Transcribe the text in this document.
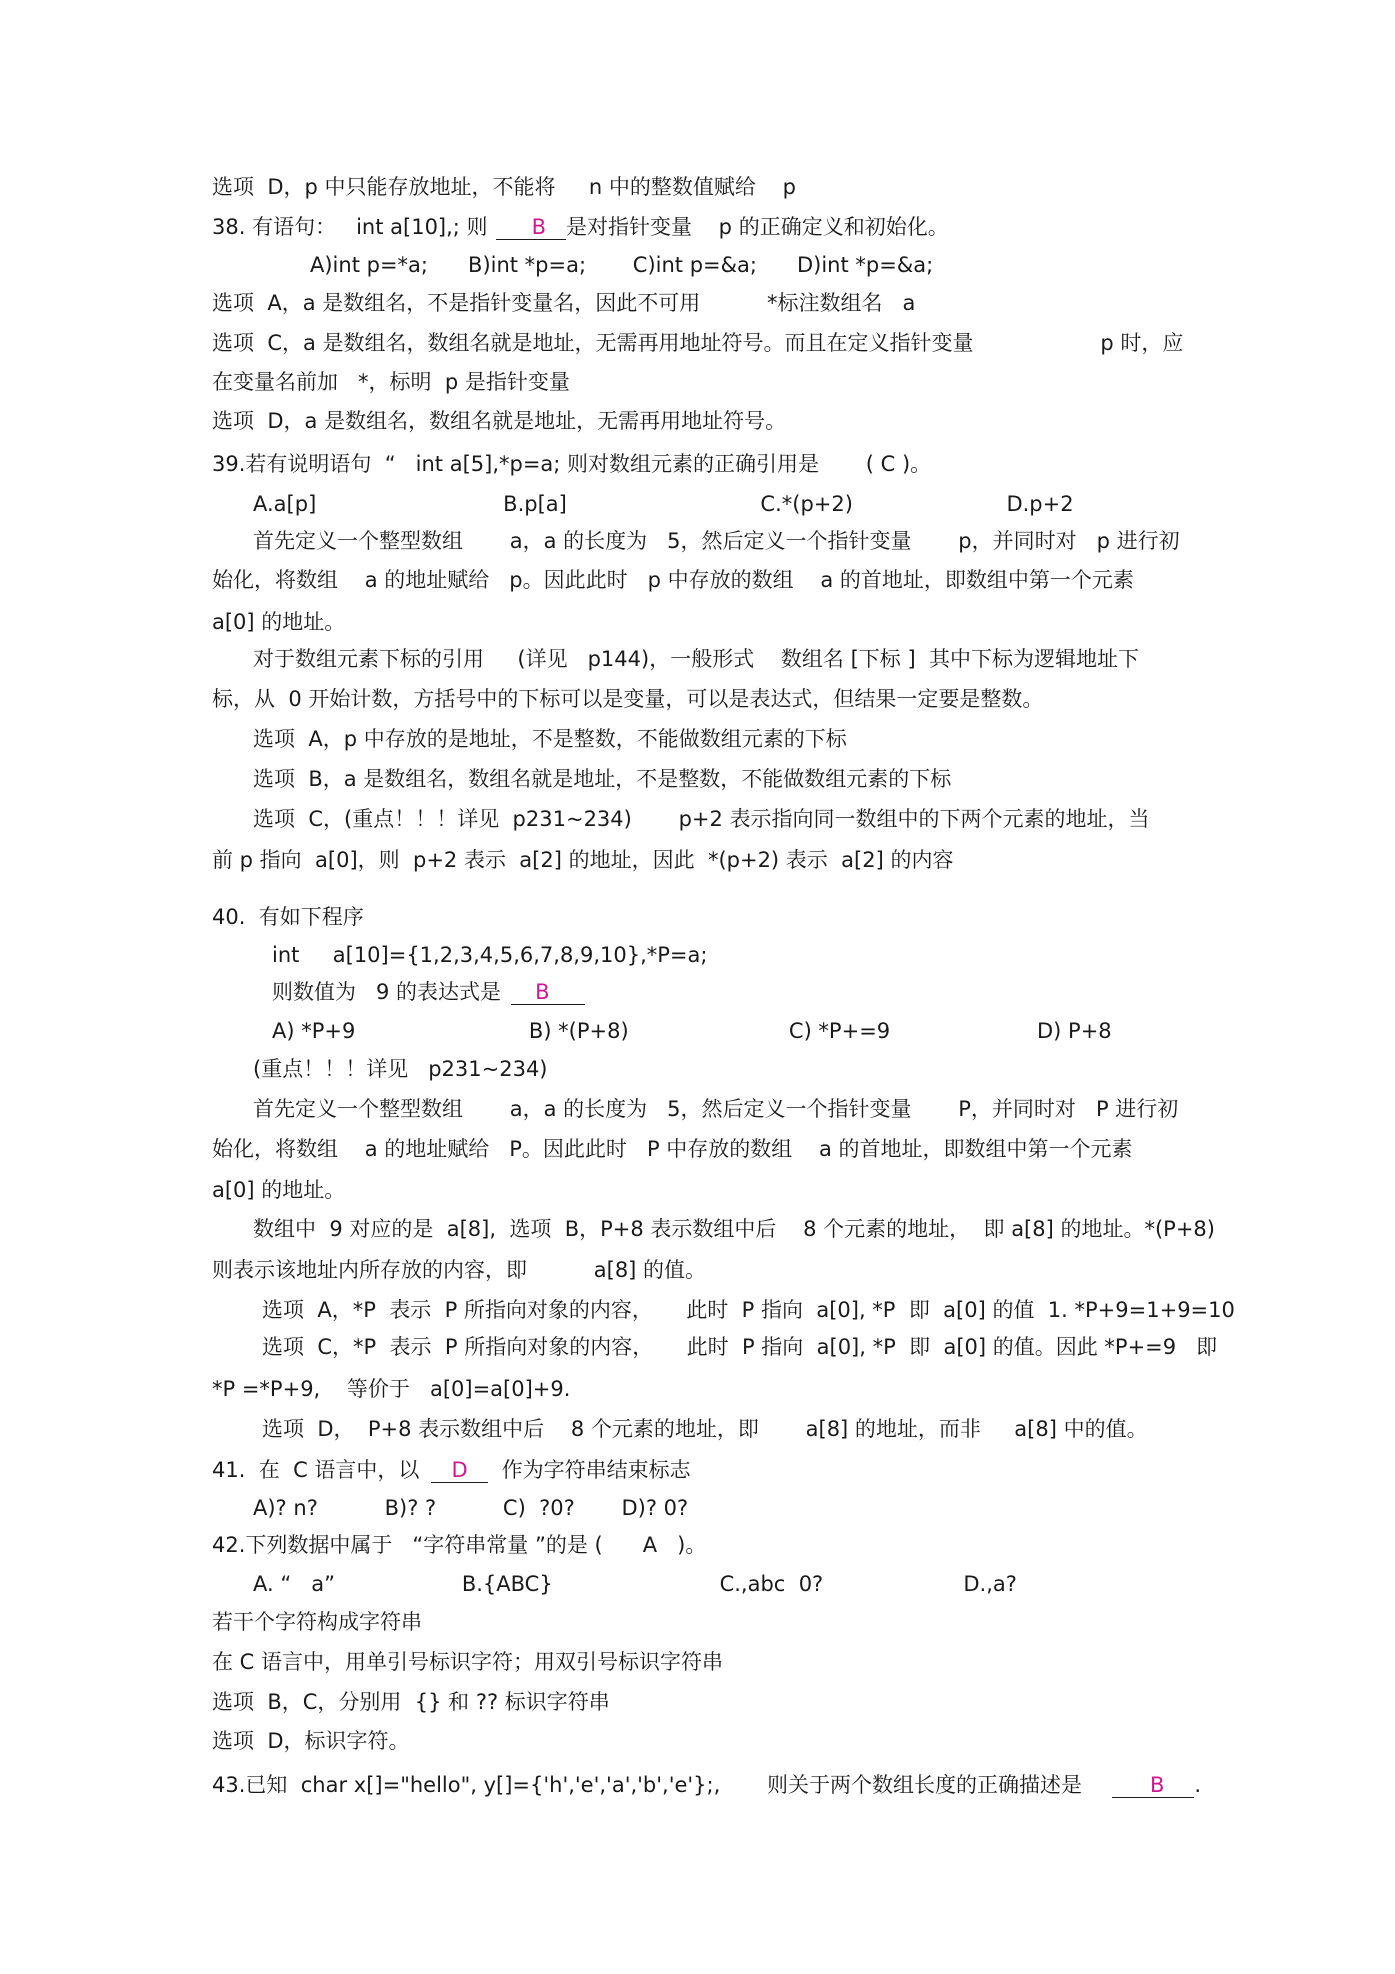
选项  D，p 中只能存放地址，不能将     n 中的整数值赋给    p
38. 有语句：   int a[10],; 则 B 是对指针变量    p 的正确定义和初始化。
A)int p=*a;      B)int *p=a;       C)int p=&a;      D)int *p=&a;
选项  A，a 是数组名，不是指针变量名，因此不可用          *标注数组名   a
选项  C，a 是数组名，数组名就是地址，无需再用地址符号。而且在定义指针变量                   p 时，应
在变量名前加   *，标明  p 是指针变量
选项  D，a 是数组名，数组名就是地址，无需再用地址符号。
39.若有说明语句  “   int a[5],*p=a; 则对数组元素的正确引用是       ( C )。
A.a[p]                            B.p[a]                             C.*(p+2)                       D.p+2
首先定义一个整型数组       a，a 的长度为   5，然后定义一个指针变量       p，并同时对   p 进行初
始化，将数组    a 的地址赋给   p。因此此时   p 中存放的数组    a 的首地址，即数组中第一个元素
a[0] 的地址。
对于数组元素下标的引用     (详见   p144)，一般形式    数组名 [下标 ]  其中下标为逻辑地址下
标，从  0 开始计数，方括号中的下标可以是变量，可以是表达式，但结果一定要是整数。
选项  A，p 中存放的是地址，不是整数，不能做数组元素的下标
选项  B，a 是数组名，数组名就是地址，不是整数，不能做数组元素的下标
选项  C，(重点！！！详见  p231~234)       p+2 表示指向同一数组中的下两个元素的地址，当
前 p 指向  a[0]，则  p+2 表示  a[2] 的地址，因此  *(p+2) 表示  a[2] 的内容
40.  有如下程序
int     a[10]={1,2,3,4,5,6,7,8,9,10},*P=a;
则数值为   9 的表达式是 B
A) *P+9                          B) *(P+8)                        C) *P+=9                      D) P+8
(重点！！！详见   p231~234)
首先定义一个整型数组       a，a 的长度为   5，然后定义一个指针变量       P，并同时对   P 进行初
始化，将数组    a 的地址赋给   P。因此此时   P 中存放的数组    a 的首地址，即数组中第一个元素
a[0] 的地址。
数组中  9 对应的是  a[8],  选项  B，P+8 表示数组中后    8 个元素的地址，  即 a[8] 的地址。*(P+8)
则表示该地址内所存放的内容，即          a[8] 的值。
选项  A，*P  表示  P 所指向对象的内容，     此时  P 指向  a[0], *P  即  a[0] 的值  1. *P+9=1+9=10
选项  C，*P  表示  P 所指向对象的内容，     此时  P 指向  a[0], *P  即  a[0] 的值。因此 *P+=9   即
*P =*P+9,    等价于   a[0]=a[0]+9.
选项  D，  P+8 表示数组中后    8 个元素的地址，即       a[8] 的地址，而非     a[8] 中的值。
41.  在  C 语言中，以 D 作为字符串结束标志
A)? n?          B)? ?          C)  ?0?       D)? 0?
42.下列数据中属于   “字符串常量 ”的是 (      A   )。
A. “   a”                   B.{ABC}                         C.,abc  0?                     D.,a?
若干个字符构成字符串
在 C 语言中，用单引号标识字符；用双引号标识字符串
选项  B，C，分别用  {} 和 ?? 标识字符串
选项  D，标识字符。
43.已知  char x[]="hello", y[]={'h','e','a','b','e'};,       则关于两个数组长度的正确描述是	B .
